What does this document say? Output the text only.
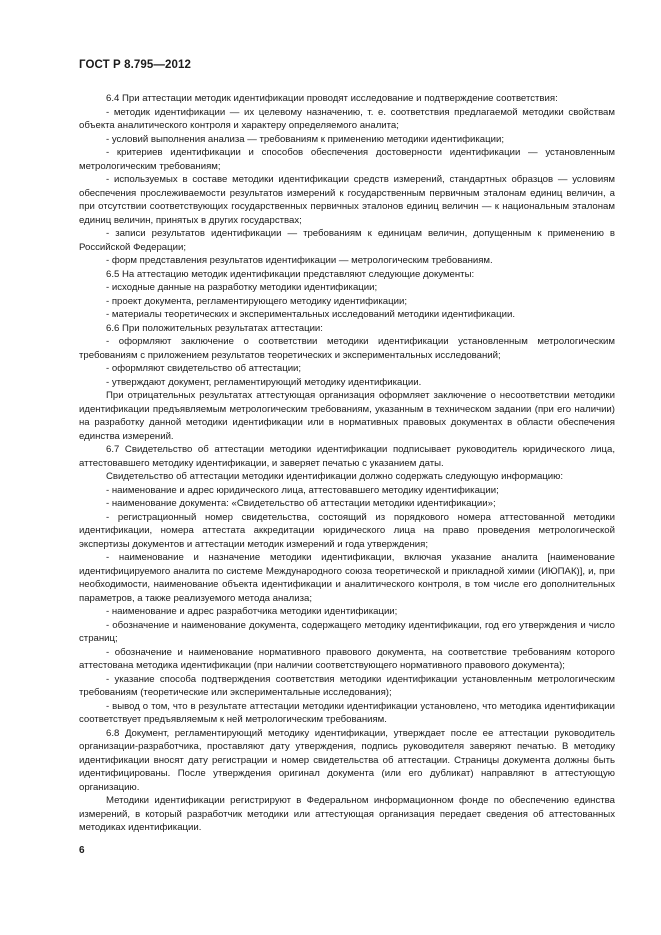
ГОСТ Р 8.795—2012

6.4 При аттестации методик идентификации проводят исследование и подтверждение соответствия:

- методик идентификации — их целевому назначению, т. е. соответствия предлагаемой методики свойствам объекта аналитического контроля и характеру определяемого аналита;

- условий выполнения анализа — требованиям к применению методики идентификации;

- критериев идентификации и способов обеспечения достоверности идентификации — установленным метрологическим требованиям;

- используемых в составе методики идентификации средств измерений, стандартных образцов — условиям обеспечения прослеживаемости результатов измерений к государственным первичным эталонам единиц величин, а при отсутствии соответствующих государственных первичных эталонов единиц величин — к национальным эталонам единиц величин, принятых в других государствах;

- записи результатов идентификации — требованиям к единицам величин, допущенным к применению в Российской Федерации;

- форм представления результатов идентификации — метрологическим требованиям.

6.5 На аттестацию методик идентификации представляют следующие документы:

- исходные данные на разработку методики идентификации;

- проект документа, регламентирующего методику идентификации;

- материалы теоретических и экспериментальных исследований методики идентификации.

6.6 При положительных результатах аттестации:

- оформляют заключение о соответствии методики идентификации установленным метрологическим требованиям с приложением результатов теоретических и экспериментальных исследований;

- оформляют свидетельство об аттестации;

- утверждают документ, регламентирующий методику идентификации.

При отрицательных результатах аттестующая организация оформляет заключение о несоответствии методики идентификации предъявляемым метрологическим требованиям, указанным в техническом задании (при его наличии) на разработку данной методики идентификации или в нормативных правовых документах в области обеспечения единства измерений.

6.7 Свидетельство об аттестации методики идентификации подписывает руководитель юридического лица, аттестовавшего методику идентификации, и заверяет печатью с указанием даты.

Свидетельство об аттестации методики идентификации должно содержать следующую информацию:

- наименование и адрес юридического лица, аттестовавшего методику идентификации;

- наименование документа: «Свидетельство об аттестации методики идентификации»;

- регистрационный номер свидетельства, состоящий из порядкового номера аттестованной методики идентификации, номера аттестата аккредитации юридического лица на право проведения метрологической экспертизы документов и аттестации методик измерений и года утверждения;

- наименование и назначение методики идентификации, включая указание аналита [наименование идентифицируемого аналита по системе Международного союза теоретической и прикладной химии (ИЮПАК)], и, при необходимости, наименование объекта идентификации и аналитического контроля, в том числе его дополнительных параметров, а также реализуемого метода анализа;

- наименование и адрес разработчика методики идентификации;

- обозначение и наименование документа, содержащего методику идентификации, год его утверждения и число страниц;

- обозначение и наименование нормативного правового документа, на соответствие требованиям которого аттестована методика идентификации (при наличии соответствующего нормативного правового документа);

- указание способа подтверждения соответствия методики идентификации установленным метрологическим требованиям (теоретические или экспериментальные исследования);

- вывод о том, что в результате аттестации методики идентификации установлено, что методика идентификации соответствует предъявляемым к ней метрологическим требованиям.

6.8 Документ, регламентирующий методику идентификации, утверждает после ее аттестации руководитель организации-разработчика, проставляют дату утверждения, подпись руководителя заверяют печатью. В методику идентификации вносят дату регистрации и номер свидетельства об аттестации. Страницы документа должны быть идентифицированы. После утверждения оригинал документа (или его дубликат) направляют в аттестующую организацию.

Методики идентификации регистрируют в Федеральном информационном фонде по обеспечению единства измерений, в который разработчик методики или аттестующая организация передает сведения об аттестованных методиках идентификации.

6
